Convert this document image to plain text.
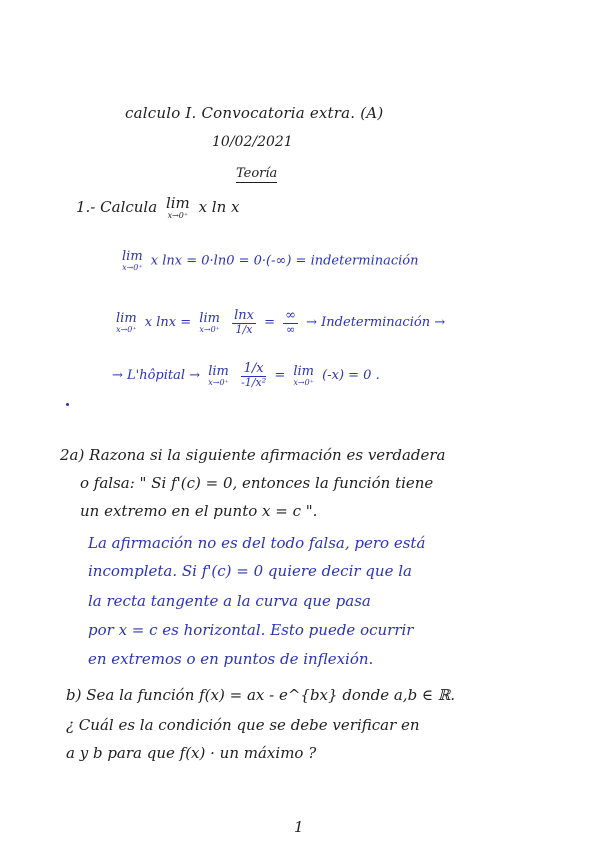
calculo I. Convocatoria extra. (A)
10/02/2021
Teoría
1.- Calcula lim
x→0⁺ x ln x
lim
x→0⁺ x lnx = 0·ln0 = 0·(-∞) = indeterminación
lim
x→0⁺ x lnx = lim
x→0⁺
$\frac{\ln x}{1/x} = \frac{\infty}{\infty}$ → Indeterminación →
→ L'hôpital → lim
x→0⁺
$\frac{1/x}{\text{-1/x²}} = \lim$
x→0⁺ (-x) = 0 .
2a) Razona si la siguiente afirmación es verdadera
o falsa: " Si f'(c) = 0, entonces la función tiene
un extremo en el punto x = c ".
La afirmación no es del todo falsa, pero está
incompleta. Si f'(c) = 0 quiere decir que la
la recta tangente a la curva que pasa
por x = c es horizontal. Esto puede ocurrir
en extremos o en puntos de inflexión.
b) Sea la función f(x) = ax - e^{bx} donde a,b ∈ ℝ.
¿ Cuál es la condición que se debe verificar en
a y b para que f(x) · un máximo ?
1
